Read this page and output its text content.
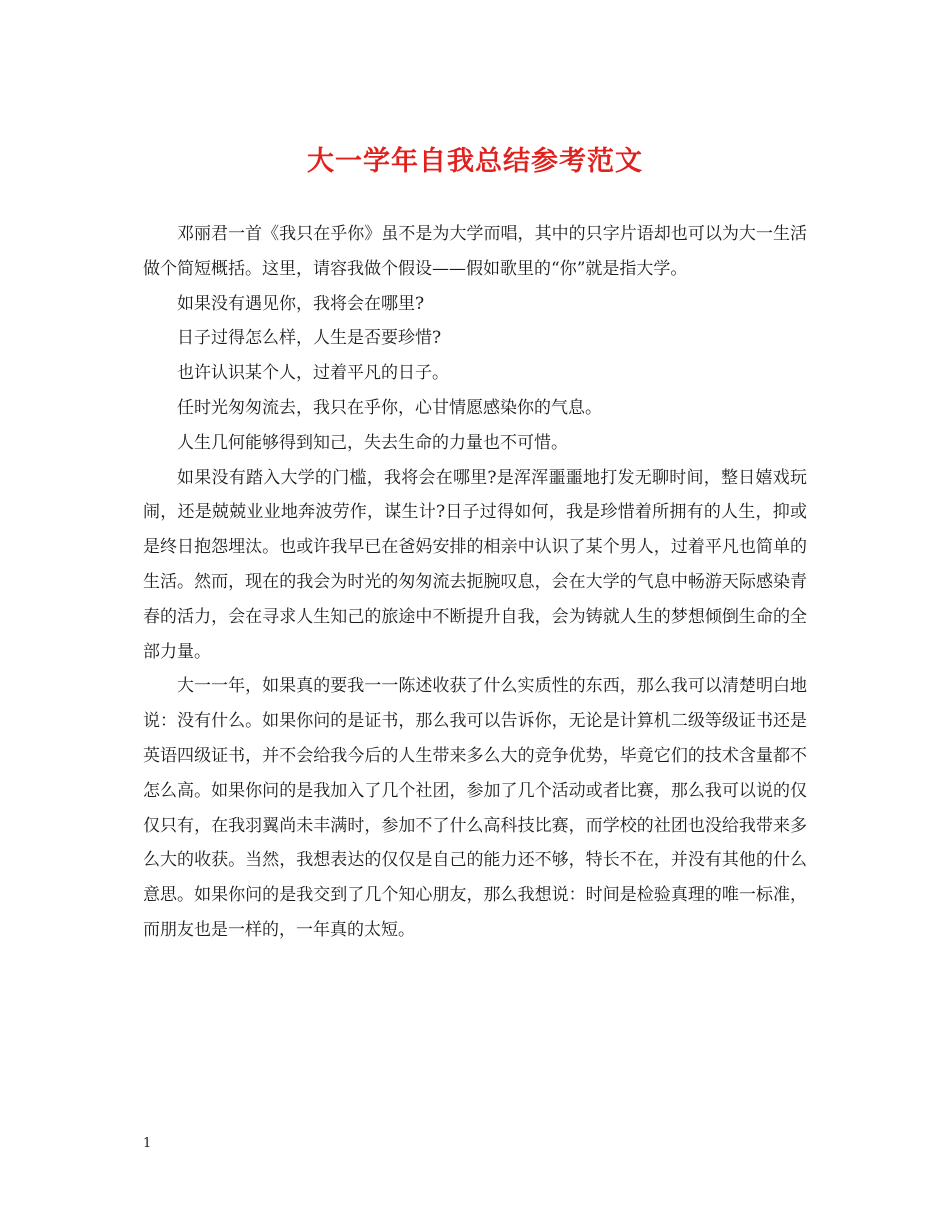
大一学年自我总结参考范文

邓丽君一首《我只在乎你》虽不是为大学而唱，其中的只字片语却也可以为大一生活做个简短概括。这里，请容我做个假设——假如歌里的“你”就是指大学。

如果没有遇见你，我将会在哪里?

日子过得怎么样，人生是否要珍惜?

也许认识某个人，过着平凡的日子。

任时光匆匆流去，我只在乎你，心甘情愿感染你的气息。

人生几何能够得到知己，失去生命的力量也不可惜。

如果没有踏入大学的门槛，我将会在哪里?是浑浑噩噩地打发无聊时间，整日嬉戏玩闹，还是兢兢业业地奔波劳作，谋生计?日子过得如何，我是珍惜着所拥有的人生，抑或是终日抱怨埋汰。也或许我早已在爸妈安排的相亲中认识了某个男人，过着平凡也简单的生活。然而，现在的我会为时光的匆匆流去扼腕叹息，会在大学的气息中畅游天际感染青春的活力，会在寻求人生知己的旅途中不断提升自我，会为铸就人生的梦想倾倒生命的全部力量。

大一一年，如果真的要我一一陈述收获了什么实质性的东西，那么我可以清楚明白地说：没有什么。如果你问的是证书，那么我可以告诉你，无论是计算机二级等级证书还是英语四级证书，并不会给我今后的人生带来多么大的竞争优势，毕竟它们的技术含量都不怎么高。如果你问的是我加入了几个社团，参加了几个活动或者比赛，那么我可以说的仅仅只有，在我羽翼尚未丰满时，参加不了什么高科技比赛，而学校的社团也没给我带来多么大的收获。当然，我想表达的仅仅是自己的能力还不够，特长不在，并没有其他的什么意思。如果你问的是我交到了几个知心朋友，那么我想说：时间是检验真理的唯一标准，而朋友也是一样的，一年真的太短。

1
